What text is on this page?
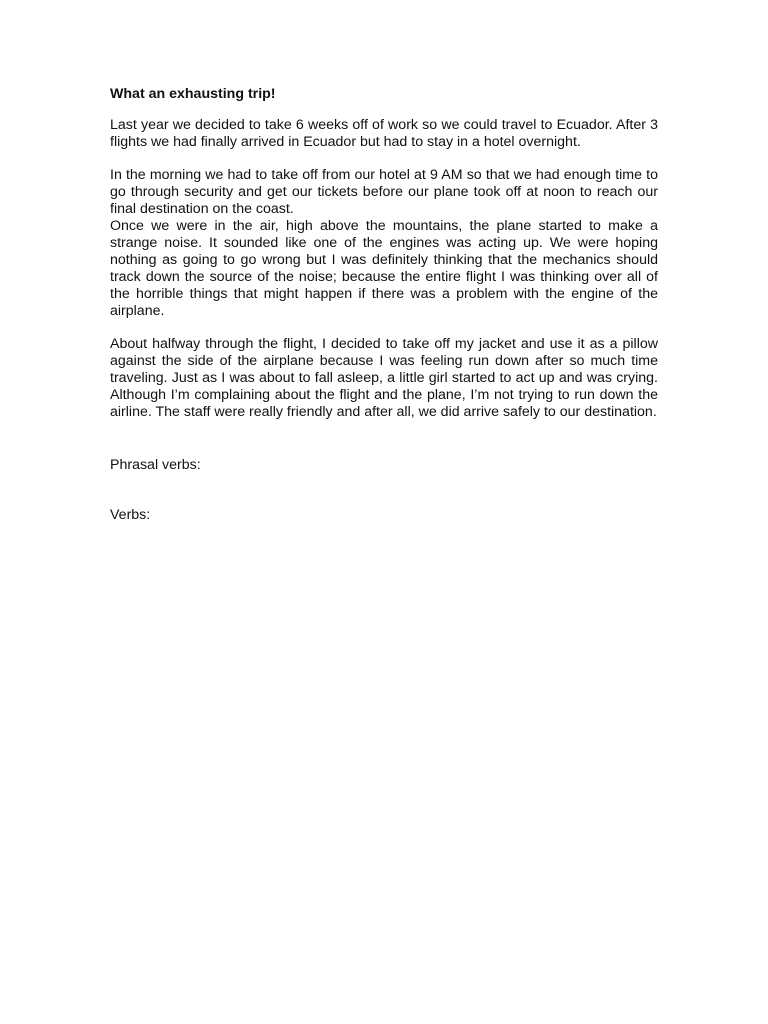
What an exhausting trip!

Last year we decided to take 6 weeks off of work so we could travel to Ecuador. After 3 flights we had finally arrived in Ecuador but had to stay in a hotel overnight.

In the morning we had to take off from our hotel at 9 AM so that we had enough time to go through security and get our tickets before our plane took off at noon to reach our final destination on the coast.

Once we were in the air, high above the mountains, the plane started to make a strange noise. It sounded like one of the engines was acting up. We were hoping nothing as going to go wrong but I was definitely thinking that the mechanics should track down the source of the noise; because the entire flight I was thinking over all of the horrible things that might happen if there was a problem with the engine of the airplane.

About halfway through the flight, I decided to take off my jacket and use it as a pillow against the side of the airplane because I was feeling run down after so much time traveling. Just as I was about to fall asleep, a little girl started to act up and was crying. Although I’m complaining about the flight and the plane, I’m not trying to run down the airline. The staff were really friendly and after all, we did arrive safely to our destination.

Phrasal verbs:

Verbs:
